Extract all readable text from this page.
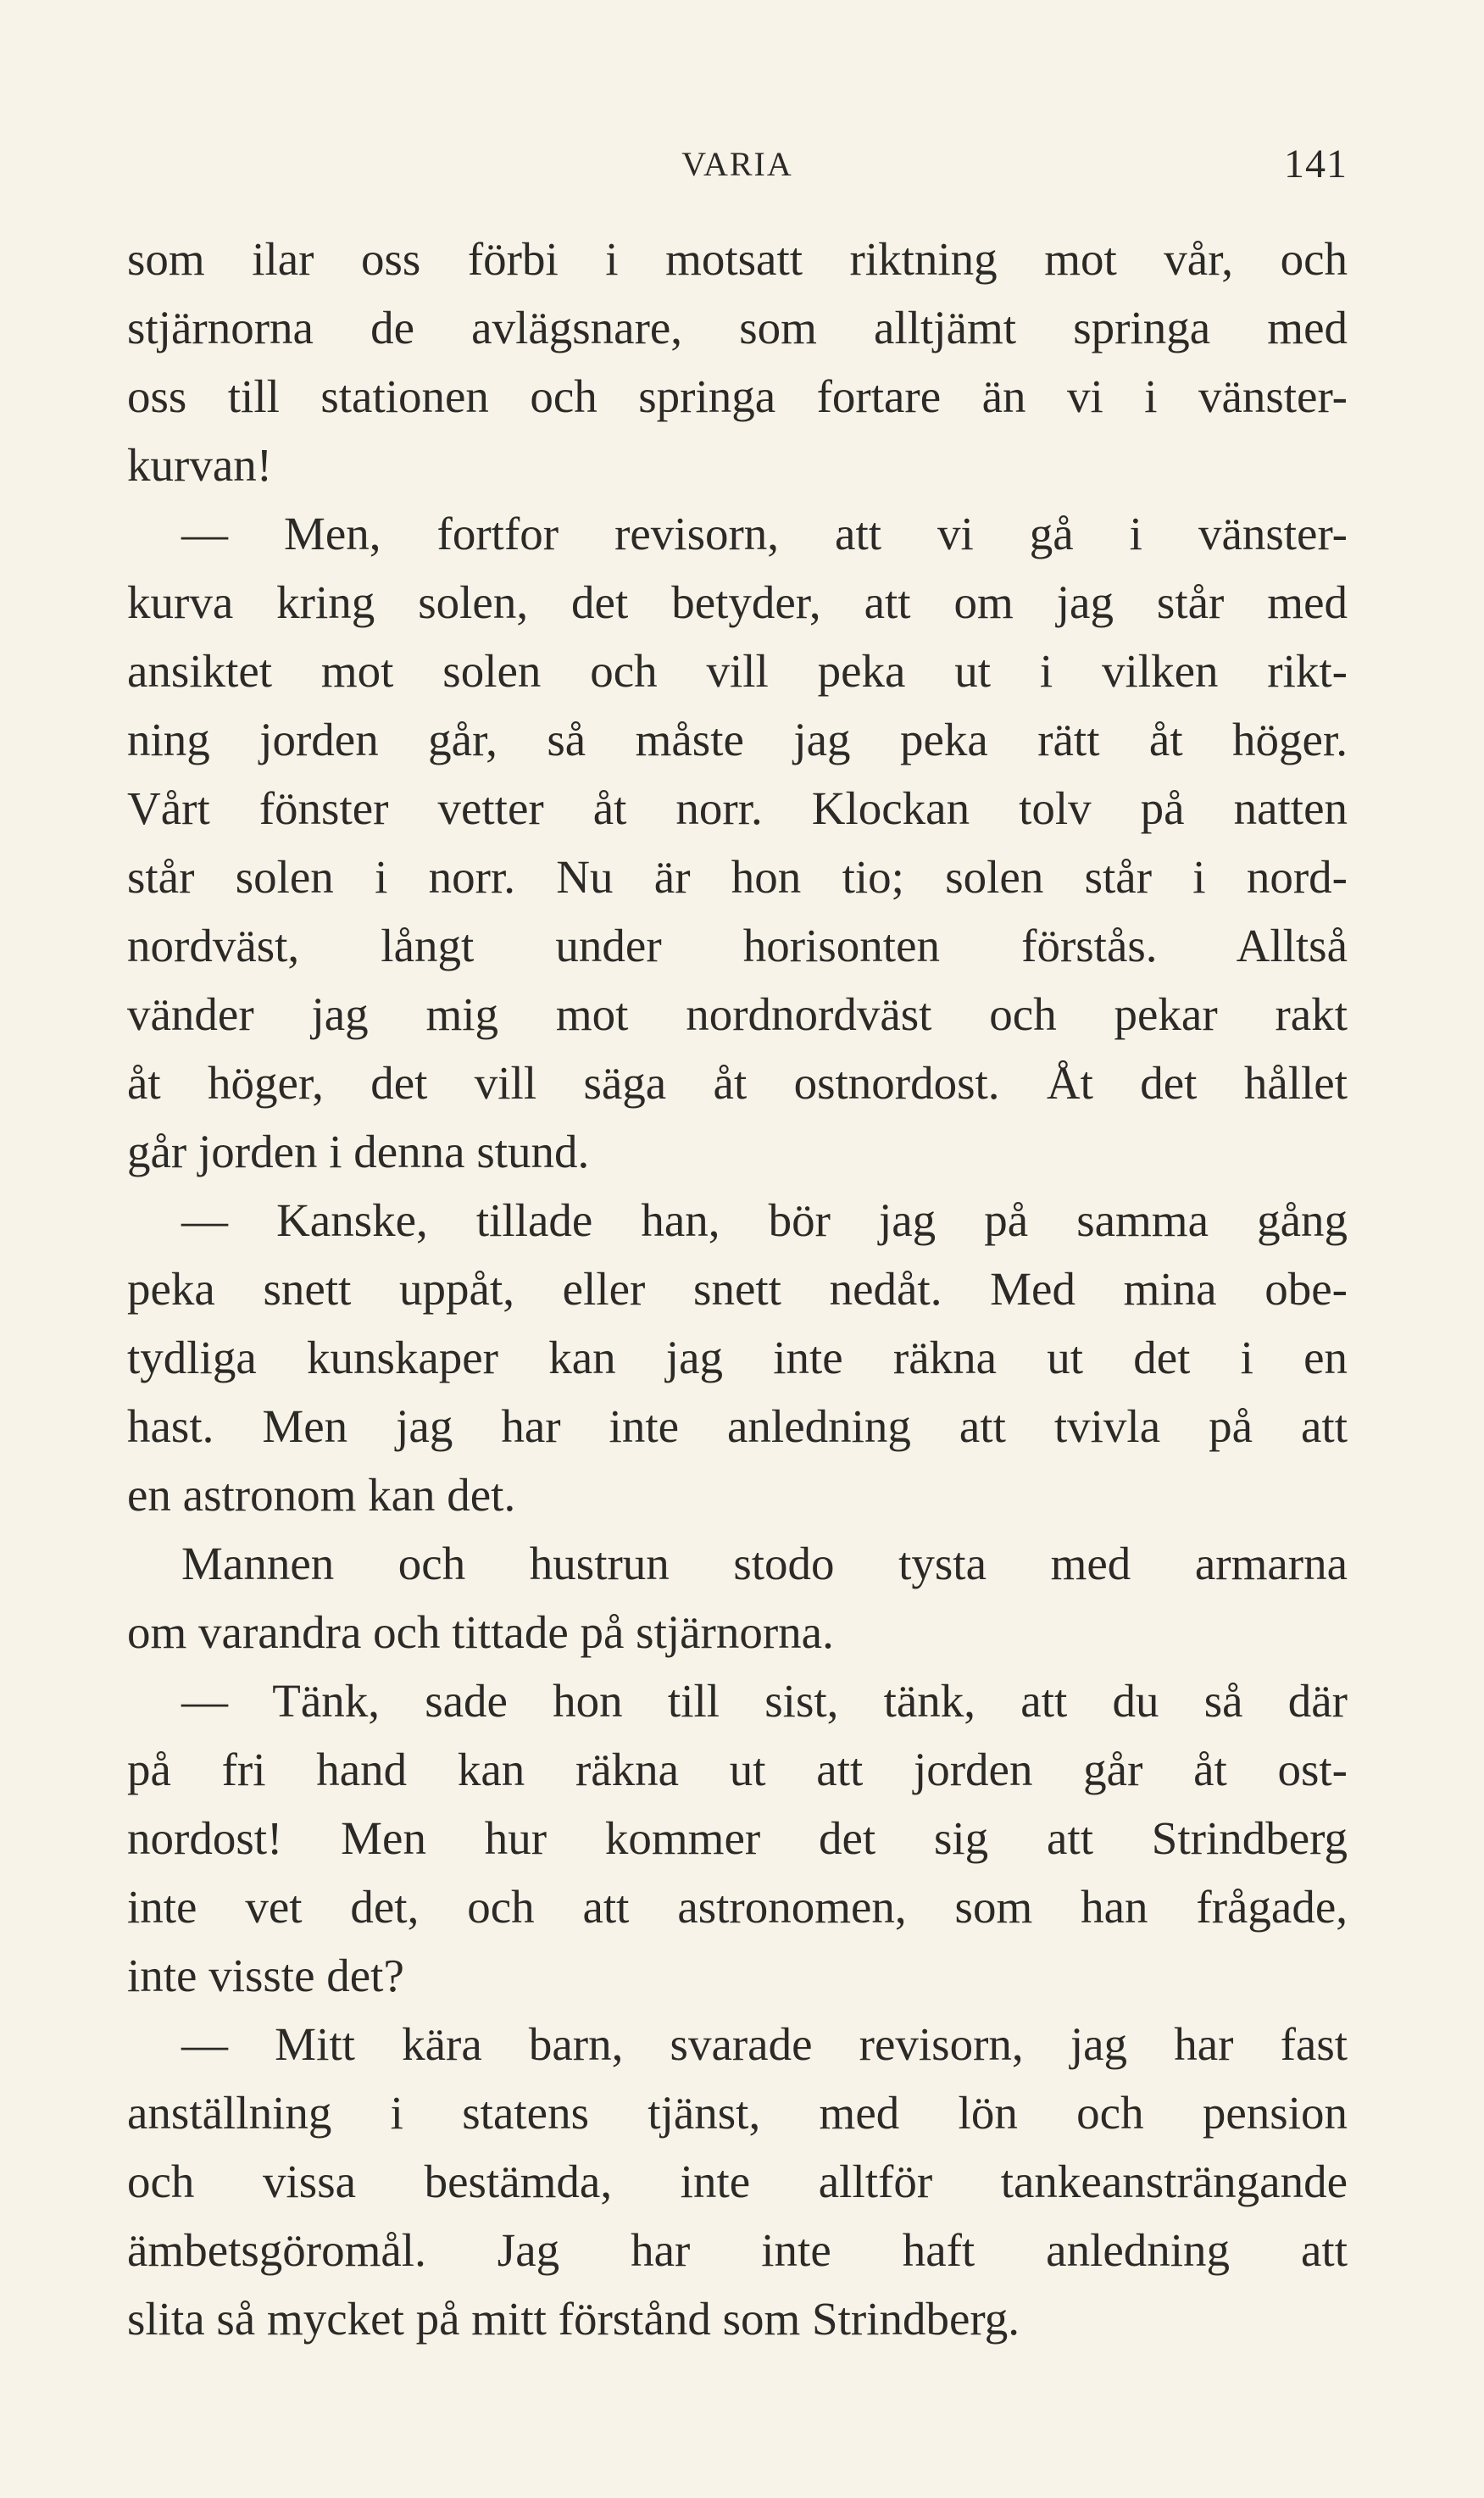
VARIA	141
som ilar oss förbi i motsatt riktning mot vår, och
stjärnorna de avlägsnare, som alltjämt springa med
oss till stationen och springa fortare än vi i vänster-
kurvan!
— Men, fortfor revisorn, att vi gå i vänster-
kurva kring solen, det betyder, att om jag står med
ansiktet mot solen och vill peka ut i vilken rikt-
ning jorden går, så måste jag peka rätt åt höger.
Vårt fönster vetter åt norr. Klockan tolv på natten
står solen i norr. Nu är hon tio; solen står i nord-
nordväst, långt under horisonten förstås. Alltså
vänder jag mig mot nordnordväst och pekar rakt
åt höger, det vill säga åt ostnordost. Åt det hållet
går jorden i denna stund.
— Kanske, tillade han, bör jag på samma gång
peka snett uppåt, eller snett nedåt. Med mina obe-
tydliga kunskaper kan jag inte räkna ut det i en
hast. Men jag har inte anledning att tvivla på att
en astronom kan det.
Mannen och hustrun stodo tysta med armarna
om varandra och tittade på stjärnorna.
— Tänk, sade hon till sist, tänk, att du så där
på fri hand kan räkna ut att jorden går åt ost-
nordost! Men hur kommer det sig att Strindberg
inte vet det, och att astronomen, som han frågade,
inte visste det?
— Mitt kära barn, svarade revisorn, jag har fast
anställning i statens tjänst, med lön och pension
och vissa bestämda, inte alltför tankeansträngande
ämbetsgöromål. Jag har inte haft anledning att
slita så mycket på mitt förstånd som Strindberg.
